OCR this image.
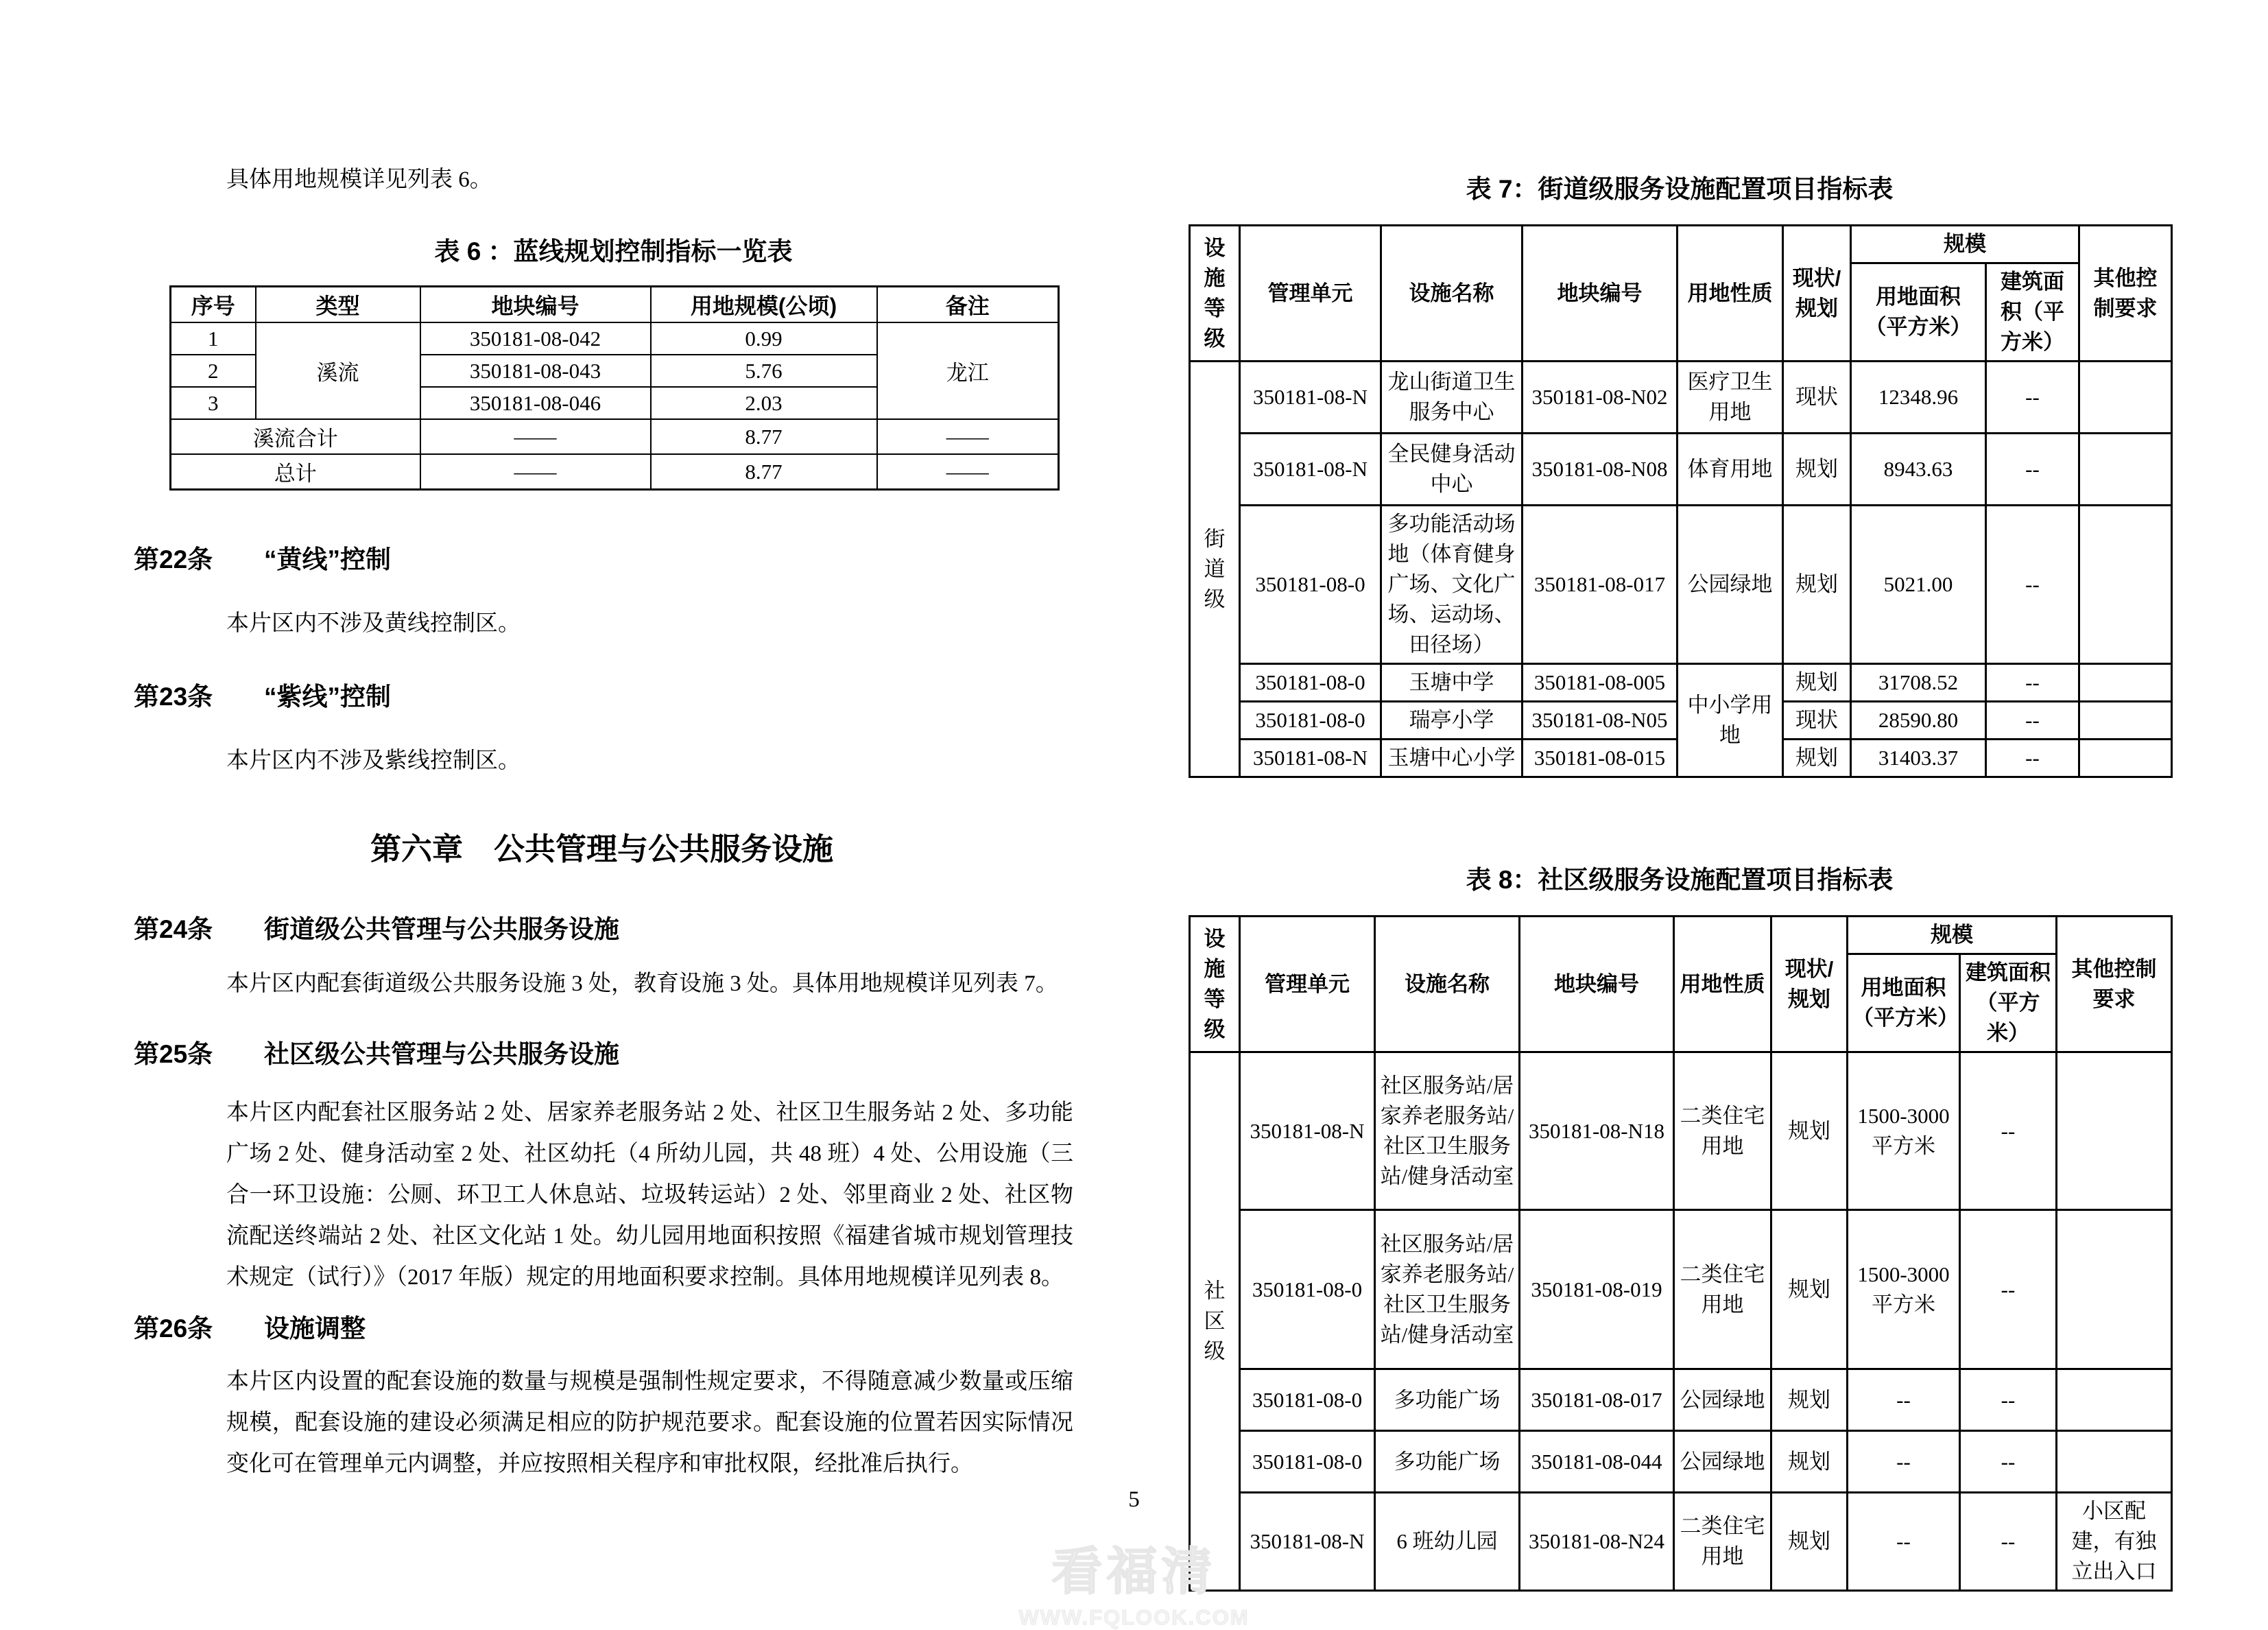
具体用地规模详见列表 6。

表 6 ：蓝线规划控制指标一览表
序号	类型	地块编号	用地规模(公顷)	备注
1	溪流	350181-08-042	0.99	龙江
2		350181-08-043	5.76	
3		350181-08-046	2.03	
溪流合计		——	8.77	——
总计		——	8.77	——
第22条	“黄线”控制

本片区内不涉及黄线控制区。

第23条	“紫线”控制

本片区内不涉及紫线控制区。

第六章　公共管理与公共服务设施
第24条	街道级公共管理与公共服务设施

本片区内配套街道级公共服务设施 3 处，教育设施 3 处。具体用地规模详见列表 7。

第25条	社区级公共管理与公共服务设施

本片区内配套社区服务站 2 处、居家养老服务站 2 处、社区卫生服务站 2 处、多功能广场 2 处、健身活动室 2 处、社区幼托（4 所幼儿园，共 48 班）4 处、公用设施（三合一环卫设施：公厕、环卫工人休息站、垃圾转运站）2 处、邻里商业 2 处、社区物流配送终端站 2 处、社区文化站 1 处。幼儿园用地面积按照《福建省城市规划管理技术规定（试行）》（2017 年版）规定的用地面积要求控制。具体用地规模详见列表 8。

第26条	设施调整

本片区内设置的配套设施的数量与规模是强制性规定要求，不得随意减少数量或压缩规模，配套设施的建设必须满足相应的防护规范要求。配套设施的位置若因实际情况变化可在管理单元内调整，并应按照相关程序和审批权限，经批准后执行。

表 7：街道级服务设施配置项目指标表
设施等级	管理单元	设施名称	地块编号	用地性质	现状/规划	规模		其他控制要求
						用地面积（平方米）	建筑面积（平方米）	
街道级	350181-08-N	龙山街道卫生服务中心	350181-08-N02	医疗卫生用地	现状	12348.96	--	
	350181-08-N	全民健身活动中心	350181-08-N08	体育用地	规划	8943.63	--	
	350181-08-0	多功能活动场地（体育健身广场、文化广场、运动场、田径场）	350181-08-017	公园绿地	规划	5021.00	--	
	350181-08-0	玉塘中学	350181-08-005	中小学用地	规划	31708.52	--	
	350181-08-0	瑞亭小学	350181-08-N05		现状	28590.80	--	
	350181-08-N	玉塘中心小学	350181-08-015		规划	31403.37	--	
表 8：社区级服务设施配置项目指标表
设施等级	管理单元	设施名称	地块编号	用地性质	现状/规划	规模		其他控制要求
						用地面积（平方米）	建筑面积（平方米）	
社区级	350181-08-N	社区服务站/居家养老服务站/社区卫生服务站/健身活动室	350181-08-N18	二类住宅用地	规划	1500-3000平方米	--	
	350181-08-0	社区服务站/居家养老服务站/社区卫生服务站/健身活动室	350181-08-019	二类住宅用地	规划	1500-3000平方米	--	
	350181-08-0	多功能广场	350181-08-017	公园绿地	规划	--	--	
	350181-08-0	多功能广场	350181-08-044	公园绿地	规划	--	--	
	350181-08-N	6 班幼儿园	350181-08-N24	二类住宅用地	规划	--	--	小区配建，有独立出入口
5
看福清
WWW.FQLOOK.COM
